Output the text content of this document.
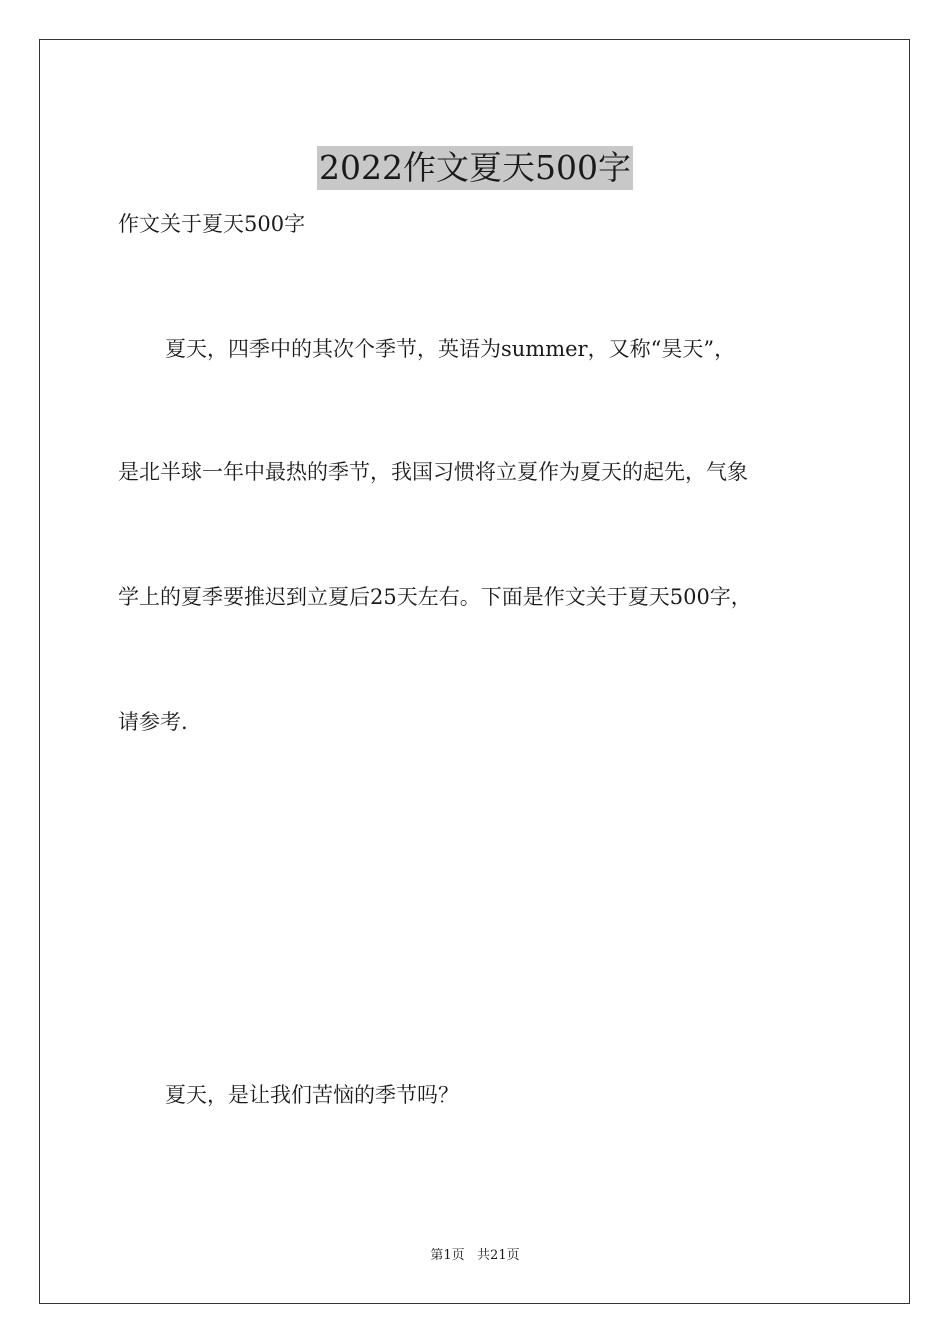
2022作文夏天500字
作文关于夏天500字
夏天，四季中的其次个季节，英语为summer，又称“昊天”，
是北半球一年中最热的季节，我国习惯将立夏作为夏天的起先，气象
学上的夏季要推迟到立夏后25天左右。下面是作文关于夏天500字，
请参考.
夏天，是让我们苦恼的季节吗？
第1页   共21页
